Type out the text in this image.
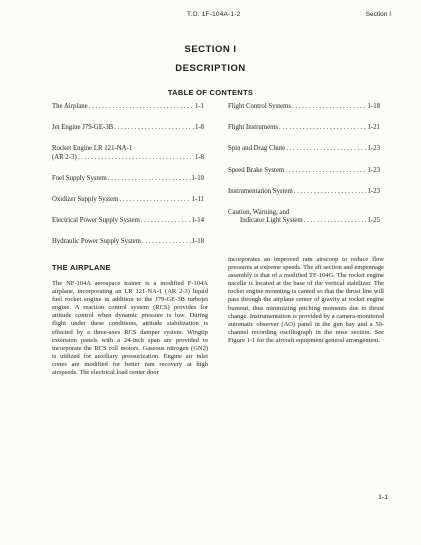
T.O. 1F-104A-1-2	Section I
SECTION I
DESCRIPTION
TABLE OF CONTENTS
The Airplane . . .	1-1
Jet Engine J79-GE-3B . . .	1-8
Rocket Engine LR 121-NA-1
(AR 2-3) . . .	1-8
Fuel Supply System . . .	1-10
Oxidizer Supply System . . .	1-11
Electrical Power Supply System . . .	1-14
Hydraulic Power Supply System . . .	1-18
Flight Control Systems . . .	1-18
Flight Instruments . . .	1-21
Spin and Drag Chute . . .	1-23
Speed Brake System . . .	1-23
Instrumentation System . . .	1-23
Caution, Warning, and
Indicator Light System . . .	1-25
THE AIRPLANE
The NF-104A aerospace trainer is a modified F-104A airplane, incorporating an LR 121-NA-1 (AR 2-3) liquid fuel rocket engine in addition to the J79-GE-3B turbojet engine. A reaction control system (RCS) provides for attitude control when dynamic pressure is low. During flight under these conditions, attitude stabilization is effected by a three-axes RCS damper system. Wingtip extension panels with a 24-inch span are provided to incorporate the RCS roll motors. Gaseous nitrogen (GN2) is utilized for auxiliary pressurization. Engine air inlet cones are modified for better ram recovery at high airspeeds. The electrical load center door
incorporates an improved ram airscoop to reduce flow pressures at extreme speeds. The aft section and empennage assembly is that of a modified TF-104G. The rocket engine nacelle is located at the base of the vertical stabilizer. The rocket engine mounting is canted so that the thrust line will pass through the airplane center of gravity at rocket engine burnout, thus minimizing pitching moments due to thrust change. Instrumentation is provided by a camera-monitored automatic observer (AO) panel in the gun bay and a 50-channel recording oscillograph in the nose section. See Figure 1-1 for the aircraft equipment general arrangement.
1-1
